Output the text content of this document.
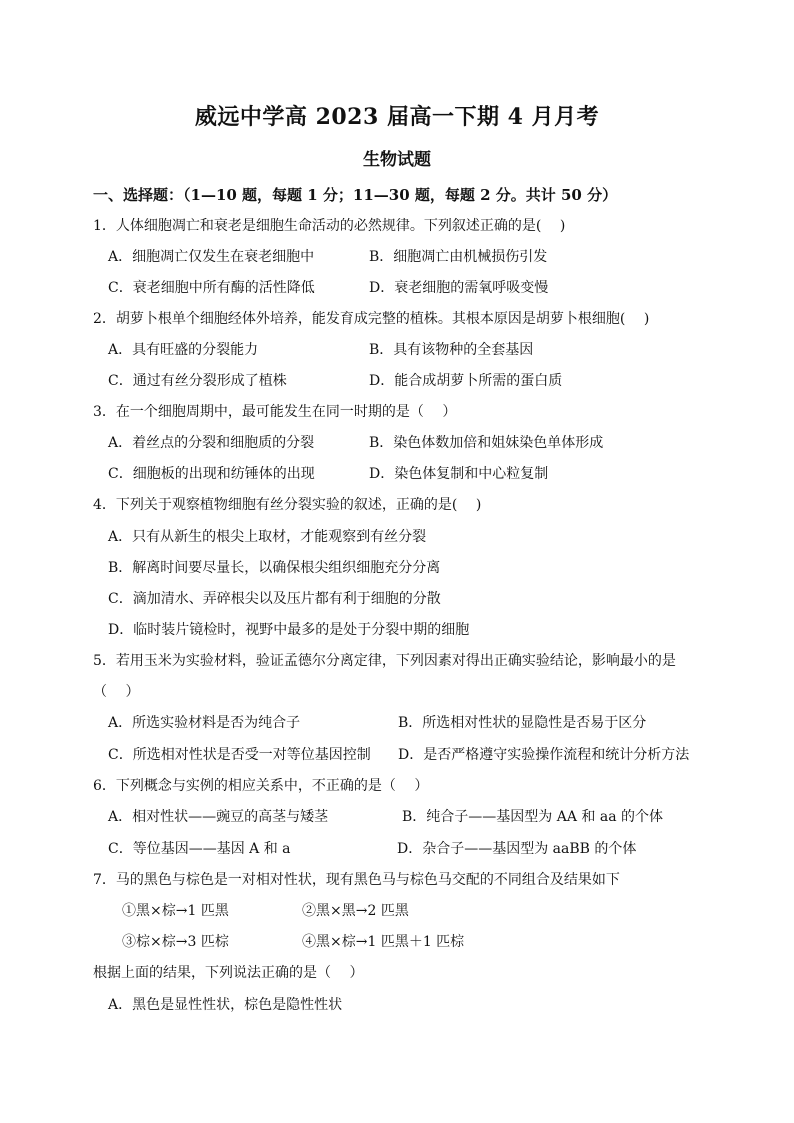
威远中学高 2023 届高一下期 4 月月考
生物试题
一、选择题：（1—10 题，每题 1 分；11—30 题，每题 2 分。共计 50 分）
1．人体细胞凋亡和衰老是细胞生命活动的必然规律。下列叙述正确的是(　 )
A．细胞凋亡仅发生在衰老细胞中	B．细胞凋亡由机械损伤引发
C．衰老细胞中所有酶的活性降低	D．衰老细胞的需氧呼吸变慢
2．胡萝卜根单个细胞经体外培养，能发育成完整的植株。其根本原因是胡萝卜根细胞(　 )
A．具有旺盛的分裂能力	B．具有该物种的全套基因
C．通过有丝分裂形成了植株	D．能合成胡萝卜所需的蛋白质
3．在一个细胞周期中，最可能发生在同一时期的是（　 ）
A．着丝点的分裂和细胞质的分裂	B．染色体数加倍和姐妹染色单体形成
C．细胞板的出现和纺锤体的出现	D．染色体复制和中心粒复制
4．下列关于观察植物细胞有丝分裂实验的叙述，正确的是(　 )
A．只有从新生的根尖上取材，才能观察到有丝分裂
B．解离时间要尽量长，以确保根尖组织细胞充分分离
C．滴加清水、弄碎根尖以及压片都有利于细胞的分散
D．临时装片镜检时，视野中最多的是处于分裂中期的细胞
5．若用玉米为实验材料，验证孟德尔分离定律，下列因素对得出正确实验结论，影响最小的是
（　 ）
A．所选实验材料是否为纯合子	B．所选相对性状的显隐性是否易于区分
C．所选相对性状是否受一对等位基因控制 D．是否严格遵守实验操作流程和统计分析方法
6．下列概念与实例的相应关系中，不正确的是（　 ）
A．相对性状——豌豆的高茎与矮茎	B．纯合子——基因型为 AA 和 aa 的个体
C．等位基因——基因 A 和 a	D．杂合子——基因型为 aaBB 的个体
7．马的黑色与棕色是一对相对性状，现有黑色马与棕色马交配的不同组合及结果如下
①黑×棕→1 匹黑	②黑×黑→2 匹黑
③棕×棕→3 匹棕	④黑×棕→1 匹黑＋1 匹棕
根据上面的结果，下列说法正确的是（　 ）
A．黑色是显性性状，棕色是隐性性状
